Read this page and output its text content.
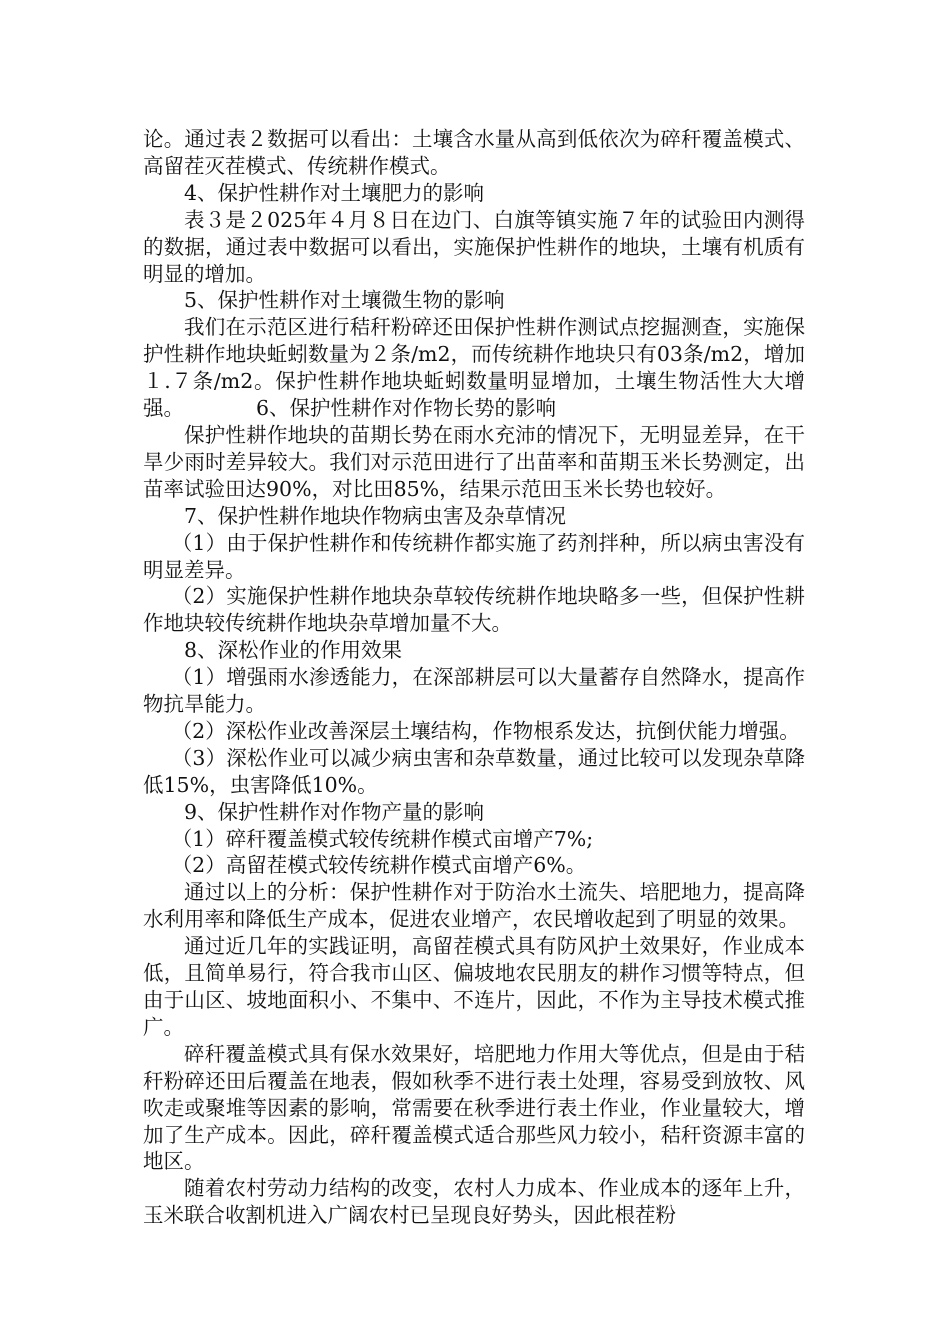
论。通过表２数据可以看出：土壤含水量从高到低依次为碎秆覆盖模式、高留茬灭茬模式、传统耕作模式。

4、保护性耕作对土壤肥力的影响

表３是２025年４月８日在边门、白旗等镇实施７年的试验田内测得的数据，通过表中数据可以看出，实施保护性耕作的地块，土壤有机质有明显的增加。

5、保护性耕作对土壤微生物的影响

我们在示范区进行秸秆粉碎还田保护性耕作测试点挖掘测查，实施保护性耕作地块蚯蚓数量为２条/m2，而传统耕作地块只有03条/m2，增加１.７条/m2。保护性耕作地块蚯蚓数量明显增加，土壤生物活性大大增强。	6、保护性耕作对作物长势的影响

保护性耕作地块的苗期长势在雨水充沛的情况下，无明显差异，在干旱少雨时差异较大。我们对示范田进行了出苗率和苗期玉米长势测定，出苗率试验田达90%，对比田85%，结果示范田玉米长势也较好。

7、保护性耕作地块作物病虫害及杂草情况

（1）由于保护性耕作和传统耕作都实施了药剂拌种，所以病虫害没有明显差异。

（2）实施保护性耕作地块杂草较传统耕作地块略多一些，但保护性耕作地块较传统耕作地块杂草增加量不大。

8、深松作业的作用效果

（1）增强雨水渗透能力，在深部耕层可以大量蓄存自然降水，提高作物抗旱能力。

（2）深松作业改善深层土壤结构，作物根系发达，抗倒伏能力增强。

（3）深松作业可以减少病虫害和杂草数量，通过比较可以发现杂草降低15%，虫害降低10%。

9、保护性耕作对作物产量的影响

（1）碎秆覆盖模式较传统耕作模式亩增产7%;

（2）高留茬模式较传统耕作模式亩增产6%。

通过以上的分析：保护性耕作对于防治水土流失、培肥地力，提高降水利用率和降低生产成本，促进农业增产，农民增收起到了明显的效果。

通过近几年的实践证明，高留茬模式具有防风护土效果好，作业成本低，且简单易行，符合我市山区、偏坡地农民朋友的耕作习惯等特点，但由于山区、坡地面积小、不集中、不连片，因此，不作为主导技术模式推广。

碎秆覆盖模式具有保水效果好，培肥地力作用大等优点，但是由于秸秆粉碎还田后覆盖在地表，假如秋季不进行表土处理，容易受到放牧、风吹走或聚堆等因素的影响，常需要在秋季进行表土作业，作业量较大，增加了生产成本。因此，碎秆覆盖模式适合那些风力较小，秸秆资源丰富的地区。

随着农村劳动力结构的改变，农村人力成本、作业成本的逐年上升，玉米联合收割机进入广阔农村已呈现良好势头，因此根茬粉
